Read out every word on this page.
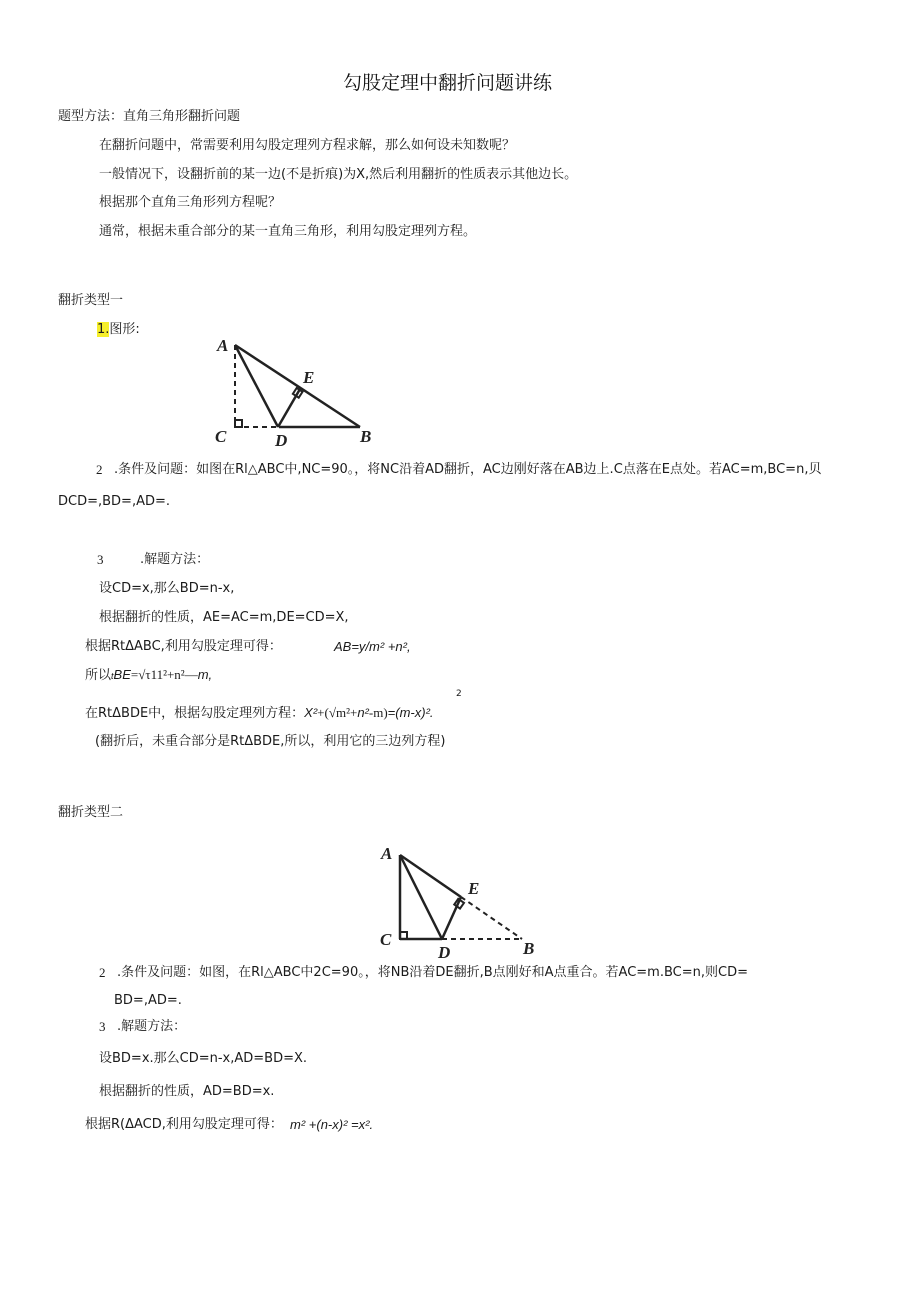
勾股定理中翻折问题讲练
题型方法：直角三角形翻折问题
在翻折问题中，常需要利用勾股定理列方程求解，那么如何设未知数呢？
一般情况下，设翻折前的某一边(不是折痕)为X,然后利用翻折的性质表示其他边长。
根据那个直角三角形列方程呢？
通常，根据未重合部分的某一直角三角形，利用勾股定理列方程。
翻折类型一
1.图形:
A
C	D	B
E
2 .条件及问题：如图在Rl△ABC中,NC=90。，将NC沿着AD翻折，AC边刚好落在AB边上.C点落在E点处。若AC=m,BC=n,贝
DCD=,BD=,AD=.
3	.解题方法：
设CD=x,那么BD=n-x,
根据翻折的性质，AE=AC=m,DE=CD=X,
根据RtΔABC,利用勾股定理可得：	AB=y/m² +n²,
所以tBE=√τ11²+n²—m,
2
在RtΔBDE中，根据勾股定理列方程：X²+(√m²+n²-m)=(m-x)².
(翻折后，未重合部分是RtΔBDE,所以，利用它的三边列方程)
翻折类型二
A
C
D	B
E
2 .条件及问题：如图，在Rl△ABC中2C=90。，将NB沿着DE翻折,B点刚好和A点重合。若AC=m.BC=n,则CD=
BD=,AD=.
3 .解题方法：
设BD=x.那么CD=n-x,AD=BD=X.
根据翻折的性质，AD=BD=x.
根据R(ΔACD,利用勾股定理可得： m² +(n-x)² =x².
